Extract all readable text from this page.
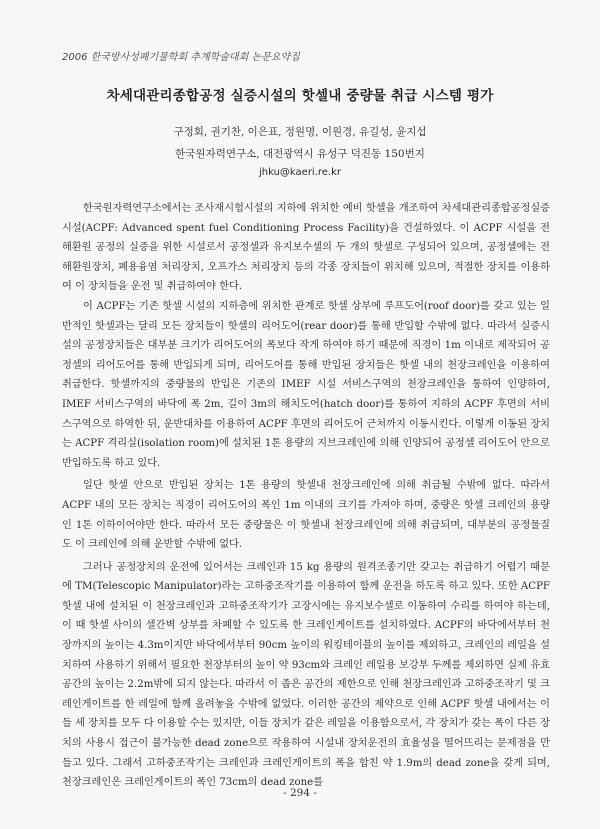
2006 한국방사성폐기물학회 추계학술대회 논문요약집
차세대관리종합공정 실증시설의 핫셀내 중량물 취급 시스템 평가
구정회, 권기찬, 이은표, 정원명, 이원경, 유길성, 윤지섭
한국원자력연구소, 대전광역시 유성구 덕진동 150번지
jhku@kaeri.re.kr

한국원자력연구소에서는 조사재시험시설의 지하에 위치한 예비 핫셀을 개조하여 차세대관리종합공정실증시설(ACPF: Advanced spent fuel Conditioning Process Facility)을 건설하였다. 이 ACPF 시설을 전해환원 공정의 실증을 위한 시설로서 공정셀과 유지보수셀의 두 개의 핫셀로 구성되어 있으며, 공정셀에는 전해환원장치, 폐용융염 처리장치, 오프가스 처리장치 등의 각종 장치들이 위치해 있으며, 적절한 장치를 이용하여 이 장치들을 운전 및 취급하여야 한다.

이 ACPF는 기존 핫셀 시설의 지하층에 위치한 관계로 핫셀 상부에 루프도어(roof door)를 갖고 있는 일반적인 핫셀과는 달리 모든 장치들이 핫셀의 리어도어(rear door)를 통해 반입할 수밖에 없다. 따라서 실증시설의 공정장치들은 대부분 크기가 리어도어의 폭보다 작게 하여야 하기 때문에 직경이 1m 이내로 제작되어 공정셀의 리어도어를 통해 반입되게 되며, 리어도어를 통해 반입된 장치들은 핫셀 내의 천장크레인을 이용하여 취급한다. 핫셀까지의 중량물의 반입은 기존의 IMEF 시설 서비스구역의 천장크레인을 통하여 인양하여, IMEF 서비스구역의 바닥에 폭 2m, 길이 3m의 해치도어(hatch door)를 통하여 지하의 ACPF 후면의 서비스구역으로 하역한 뒤, 운반대차를 이용하여 ACPF 후면의 리어도어 근처까지 이동시킨다. 이렇게 이동된 장치는 ACPF 격리실(isolation room)에 설치된 1톤 용량의 지브크레인에 의해 인양되어 공정셀 리어도어 안으로 반입하도록 하고 있다.

일단 핫셀 안으로 반입된 장치는 1톤 용량의 핫셀내 천장크레인에 의해 취급될 수밖에 없다. 따라서 ACPF 내의 모든 장치는 직경이 리어도어의 폭인 1m 이내의 크기를 가져야 하며, 중량은 핫셀 크레인의 용량인 1톤 이하이어야만 한다. 따라서 모든 중량물은 이 핫셀내 천장크레인에 의해 취급되며, 대부분의 공정물질도 이 크레인에 의해 운반할 수밖에 없다.

그러나 공정장치의 운전에 있어서는 크레인과 15 kg 용량의 원격조종기만 갖고는 취급하기 어렵기 때문에 TM(Telescopic Manipulator)라는 고하중조작기를 이용하여 함께 운전을 하도록 하고 있다. 또한 ACPF 핫셀 내에 설치된 이 천장크레인과 고하중조작기가 고장시에는 유지보수셀로 이동하여 수리를 하여야 하는데, 이 때 핫셀 사이의 셀간벽 상부를 차폐할 수 있도록 한 크레인게이트를 설치하였다. ACPF의 바닥에서부터 천장까지의 높이는 4.3m이지만 바닥에서부터 90cm 높이의 워킹테이블의 높이를 제외하고, 크레인의 레일을 설치하여 사용하기 위해서 필요한 천장부터의 높이 약 93cm와 크레인 레일용 보강부 두께를 제외하면 실제 유효공간의 높이는 2.2m밖에 되지 않는다. 따라서 이 좁은 공간의 제한으로 인해 천장크레인과 고하중조작기 및 크레인게이트를 한 레일에 함께 올려놓을 수밖에 없었다. 이러한 공간의 제약으로 인해 ACPF 핫셀 내에서는 이들 세 장치를 모두 다 이용할 수는 있지만, 이들 장치가 같은 레일을 이용함으로서, 각 장치가 갖는 폭이 다른 장치의 사용시 접근이 불가능한 dead zone으로 작용하여 시설내 장치운전의 효율성을 떨어뜨리는 문제점을 만들고 있다. 그래서 고하중조작기는 크레인과 크레인게이트의 폭을 합친 약 1.9m의 dead zone을 갖게 되며, 천장크레인은 크레인게이트의 폭인 73cm의 dead zone를

- 294 -
